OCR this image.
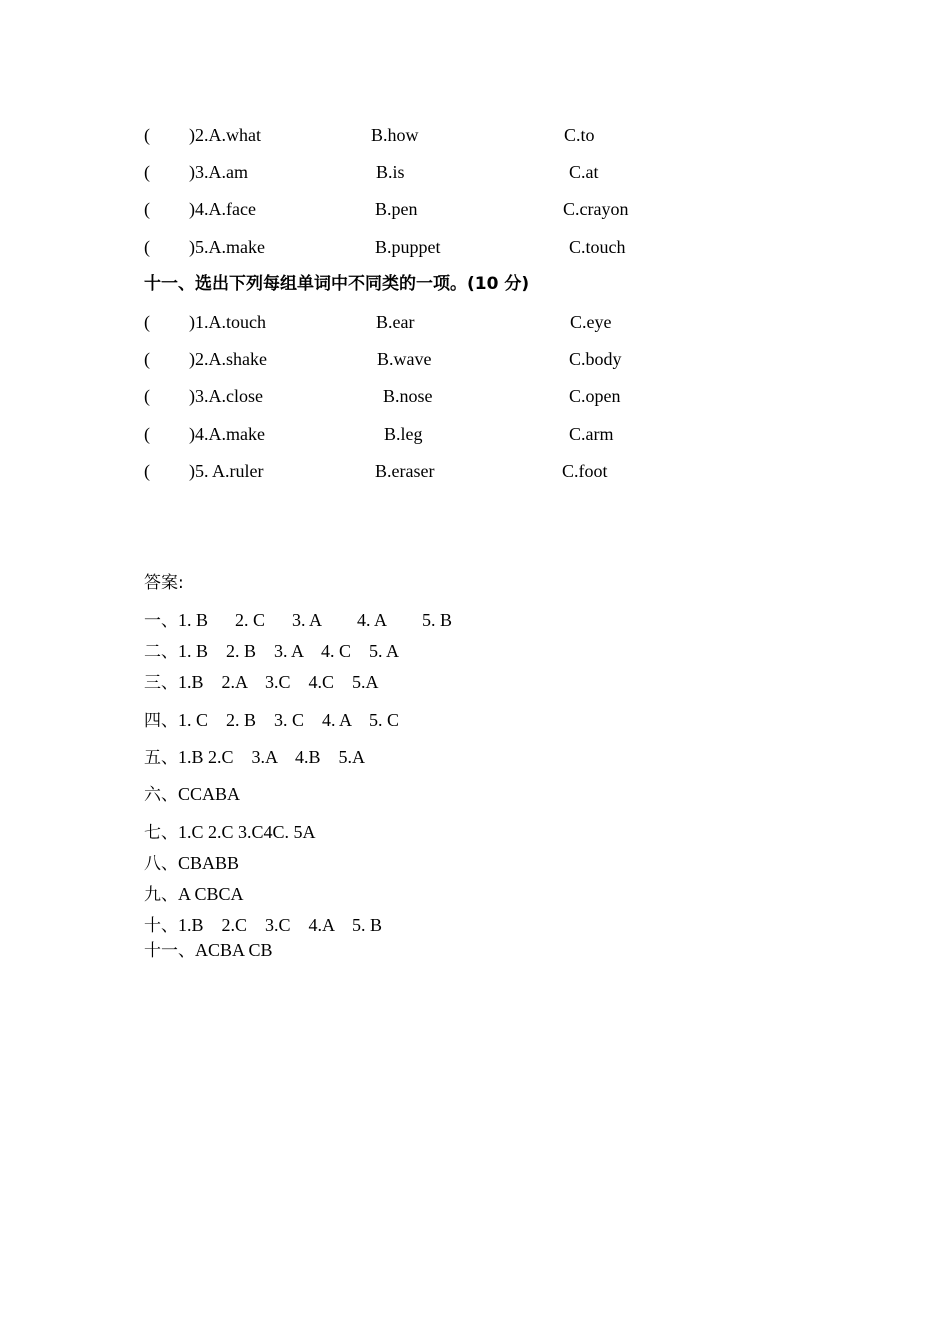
( )2.A.what	B.how	C.to
( )3.A.am	B.is	C.at
( )4.A.face	B.pen	C.crayon
( )5.A.make	B.puppet	C.touch
十一、选出下列每组单词中不同类的一项。(10 分)
( )1.A.touch	B.ear	C.eye
( )2.A.shake	B.wave	C.body
( )3.A.close	B.nose	C.open
( )4.A.make	B.leg	C.arm
( )5. A.ruler	B.eraser	C.foot
答案:
一、1. B      2. C      3. A        4. A        5. B
二、1. B    2. B    3. A    4. C    5. A
三、1.B    2.A    3.C    4.C    5.A
四、1. C    2. B    3. C    4. A    5. C
五、1.B 2.C    3.A    4.B    5.A
六、CCABA
七、1.C 2.C 3.C4C. 5A
八、CBABB
九、A CBCA
十、1.B    2.C    3.C    4.A    5. B
十一、ACBA CB
